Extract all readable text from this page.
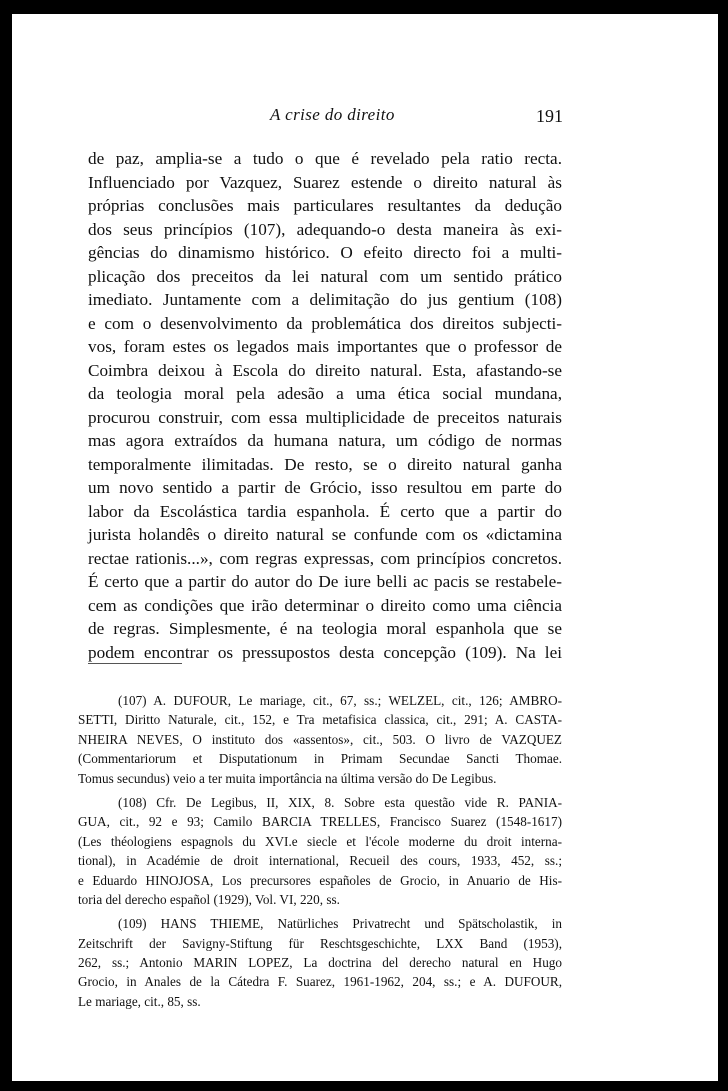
A crise do direito	191
de paz, amplia-se a tudo o que é revelado pela ratio recta.
Influenciado por Vazquez, Suarez estende o direito natural às
próprias conclusões mais particulares resultantes da dedução
dos seus princípios (107), adequando-o desta maneira às exi-
gências do dinamismo histórico. O efeito directo foi a multi-
plicação dos preceitos da lei natural com um sentido prático
imediato. Juntamente com a delimitação do jus gentium (108)
e com o desenvolvimento da problemática dos direitos subjecti-
vos, foram estes os legados mais importantes que o professor de
Coimbra deixou à Escola do direito natural. Esta, afastando-se
da teologia moral pela adesão a uma ética social mundana,
procurou construir, com essa multiplicidade de preceitos naturais
mas agora extraídos da humana natura, um código de normas
temporalmente ilimitadas. De resto, se o direito natural ganha
um novo sentido a partir de Grócio, isso resultou em parte do
labor da Escolástica tardia espanhola. É certo que a partir do
jurista holandês o direito natural se confunde com os «dictamina
rectae rationis...», com regras expressas, com princípios concretos.
É certo que a partir do autor do De iure belli ac pacis se restabele-
cem as condições que irão determinar o direito como uma ciência
de regras. Simplesmente, é na teologia moral espanhola que se
podem encontrar os pressupostos desta concepção (109). Na lei
(107) A. DUFOUR, Le mariage, cit., 67, ss.; WELZEL, cit., 126; AMBRO-
SETTI, Diritto Naturale, cit., 152, e Tra metafisica classica, cit., 291; A. CASTA-
NHEIRA NEVES, O instituto dos «assentos», cit., 503. O livro de VAZQUEZ
(Commentariorum et Disputationum in Primam Secundae Sancti Thomae.
Tomus secundus) veio a ter muita importância na última versão do De Legibus.
(108) Cfr. De Legibus, II, XIX, 8. Sobre esta questão vide R. PANIA-
GUA, cit., 92 e 93; Camilo BARCIA TRELLES, Francisco Suarez (1548-1617)
(Les théologiens espagnols du XVI.e siecle et l'école moderne du droit interna-
tional), in Académie de droit international, Recueil des cours, 1933, 452, ss.;
e Eduardo HINOJOSA, Los precursores españoles de Grocio, in Anuario de His-
toria del derecho español (1929), Vol. VI, 220, ss.
(109) HANS THIEME, Natürliches Privatrecht und Spätscholastik, in
Zeitschrift der Savigny-Stiftung für Reschtsgeschichte, LXX Band (1953),
262, ss.; Antonio MARIN LOPEZ, La doctrina del derecho natural en Hugo
Grocio, in Anales de la Cátedra F. Suarez, 1961-1962, 204, ss.; e A. DUFOUR,
Le mariage, cit., 85, ss.
